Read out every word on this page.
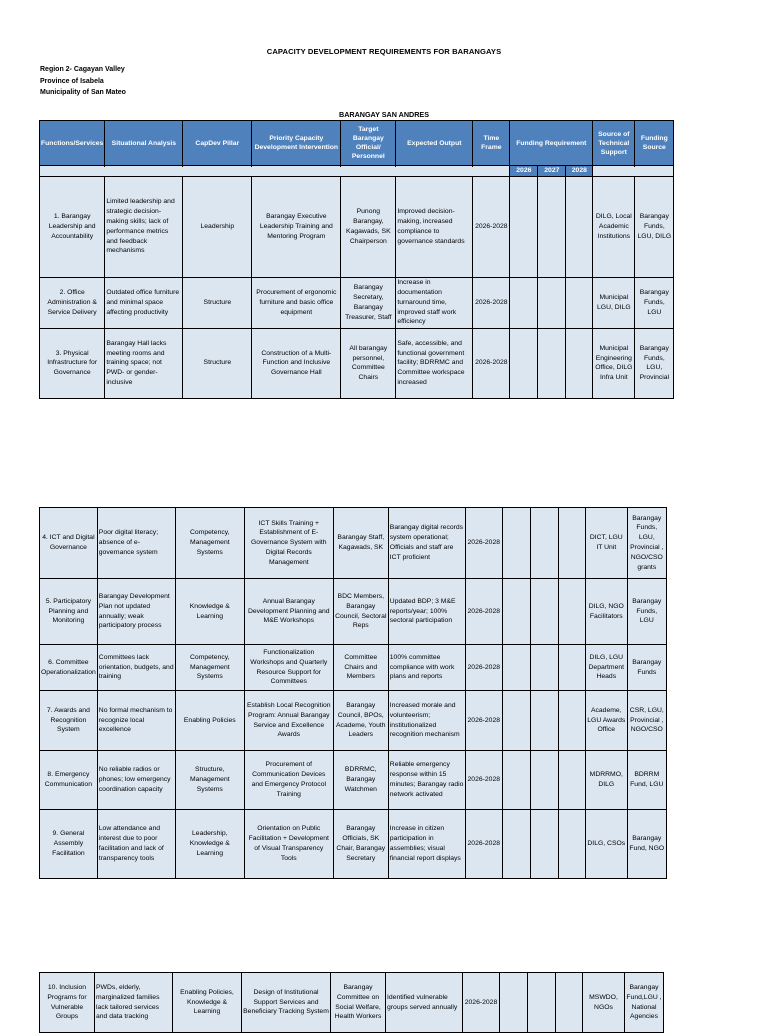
CAPACITY DEVELOPMENT REQUIREMENTS FOR BARANGAYS
Region 2- Cagayan Valley
Province of Isabela
Municipality of San Mateo
BARANGAY SAN ANDRES
Functions/Services	Situational Analysis	CapDev Pillar	Priority Capacity Development Intervention	Target Barangay Official/ Personnel	Expected Output	Time Frame	Funding Requirement			Source of Technical Support	Funding Source

							2026	2027	2028		
1. Barangay Leadership and Accountability	Limited leadership and strategic decision-making skills; lack of performance metrics and feedback mechanisms	Leadership	Barangay Executive Leadership Training and Mentoring Program	Punong Barangay, Kagawads, SK Chairperson	Improved decision-making, increased compliance to governance standards	2026-2028				DILG, Local Academic Institutions	Barangay Funds, LGU, DILG
2. Office Administration & Service Delivery	Outdated office furniture and minimal space affecting productivity	Structure	Procurement of ergonomic furniture and basic office equipment	Barangay Secretary, Barangay Treasurer, Staff	Increase in documentation turnaround time, improved staff work efficiency	2026-2028				Municipal LGU, DILG	Barangay Funds, LGU
3. Physical Infrastructure for Governance	Barangay Hall lacks meeting rooms and training space; not PWD- or gender-inclusive	Structure	Construction of a Multi-Function and Inclusive Governance Hall	All barangay personnel, Committee Chairs	Safe, accessible, and functional government facility; BDRRMC and Committee workspace increased	2026-2028				Municipal Engineering Office, DILG Infra Unit	Barangay Funds, LGU, Provincial
4. ICT and Digital Governance	Poor digital literacy; absence of e-governance system	Competency, Management Systems	ICT Skills Training + Establishment of E-Governance System with Digital Records Management	Barangay Staff, Kagawads, SK	Barangay digital records system operational; Officials and staff are ICT proficient	2026-2028				DICT, LGU IT Unit	Barangay Funds, LGU, Provincial , NGO/CSO grants
5. Participatory Planning and Monitoring	Barangay Development Plan not updated annually; weak participatory process	Knowledge & Learning	Annual Barangay Development Planning and M&E Workshops	BDC Members, Barangay Council, Sectoral Reps	Updated BDP; 3 M&E reports/year; 100% sectoral participation	2026-2028				DILG, NGO Facilitators	Barangay Funds, LGU
6. Committee Operationalization	Committees lack orientation, budgets, and training	Competency, Management Systems	Functionalization Workshops and Quarterly Resource Support for Committees	Committee Chairs and Members	100% committee compliance with work plans and reports	2026-2028				DILG, LGU Department Heads	Barangay Funds
7. Awards and Recognition System	No formal mechanism to recognize local excellence	Enabling Policies	Establish Local Recognition Program: Annual Barangay Service and Excellence Awards	Barangay Council, BPOs, Academe, Youth Leaders	Increased morale and volunteerism; institutionalized recognition mechanism	2026-2028				Academe, LGU Awards Office	CSR, LGU, Provincial , NGO/CSO
8. Emergency Communication	No reliable radios or phones; low emergency coordination capacity	Structure, Management Systems	Procurement of Communication Devices and Emergency Protocol Training	BDRRMC, Barangay Watchmen	Reliable emergency response within 15 minutes; Barangay radio network activated	2026-2028				MDRRMO, DILG	BDRRM Fund, LGU
9. General Assembly Facilitation	Low attendance and interest due to poor facilitation and lack of transparency tools	Leadership, Knowledge & Learning	Orientation on Public Facilitation + Development of Visual Transparency Tools	Barangay Officials, SK Chair, Barangay Secretary	Increase in citizen participation in assemblies; visual financial report displays	2026-2028				DILG, CSOs	Barangay Fund, NGO
10. Inclusion Programs for Vulnerable Groups	PWDs, elderly, marginalized families lack tailored services and data tracking	Enabling Policies, Knowledge & Learning	Design of Institutional Support Services and Beneficiary Tracking System	Barangay Committee on Social Welfare, Health Workers	Identified vulnerable groups served annually	2026-2028				MSWDO, NGOs	Barangay Fund,LGU , National Agencies
